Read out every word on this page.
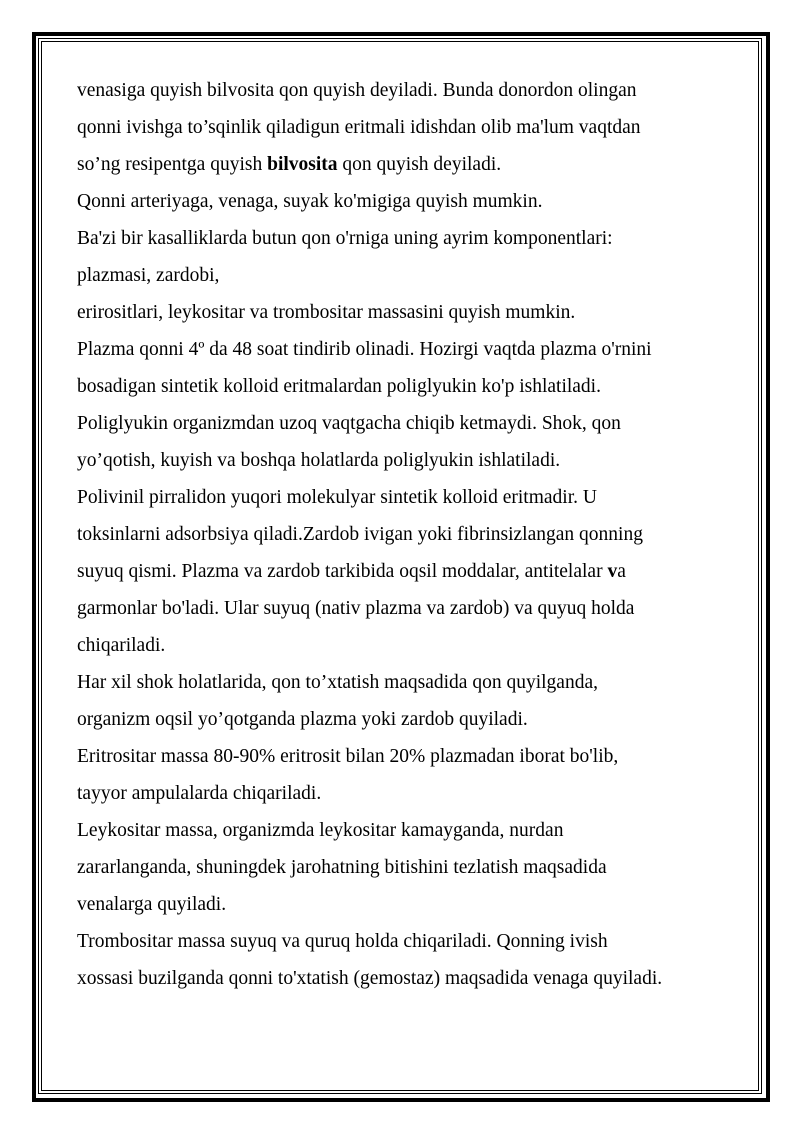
venasiga quyish bilvosita qon quyish deyiladi. Bunda donordon olingan
qonni ivishga to’sqinlik qiladigun eritmali idishdan olib ma'lum vaqtdan
so’ng resipentga quyish bilvosita qon quyish deyiladi.
Qonni arteriyaga, venaga, suyak ko'migiga quyish mumkin.
Ba'zi bir kasalliklarda butun qon o'rniga uning ayrim komponentlari:
plazmasi, zardobi,
erirositlari, leykositar va trombositar massasini quyish mumkin.
Plazma qonni 4º da 48 soat tindirib olinadi. Hozirgi vaqtda plazma o'rnini
bosadigan sintetik kolloid eritmalardan poliglyukin ko'p ishlatiladi.
Poliglyukin organizmdan uzoq vaqtgacha chiqib ketmaydi. Shok, qon
yo’qotish, kuyish va boshqa holatlarda poliglyukin ishlatiladi.
Polivinil pirralidon yuqori molekulyar sintetik kolloid eritmadir. U
toksinlarni adsorbsiya qiladi.Zardob ivigan yoki fibrinsizlangan qonning
suyuq qismi. Plazma va zardob tarkibida oqsil moddalar, antitelalar va
garmonlar bo'ladi. Ular suyuq (nativ plazma va zardob) va quyuq holda
chiqariladi.
Har xil shok holatlarida, qon to’xtatish maqsadida qon quyilganda,
organizm oqsil yo’qotganda plazma yoki zardob quyiladi.
Eritrositar massa 80-90% eritrosit bilan 20% plazmadan iborat bo'lib,
tayyor ampulalarda chiqariladi.
Leykositar massa, organizmda leykositar kamayganda, nurdan
zararlanganda, shuningdek jarohatning bitishini tezlatish maqsadida
venalarga quyiladi.
Trombositar massa suyuq va quruq holda chiqariladi. Qonning ivish
xossasi buzilganda qonni to'xtatish (gemostaz) maqsadida venaga quyiladi.
